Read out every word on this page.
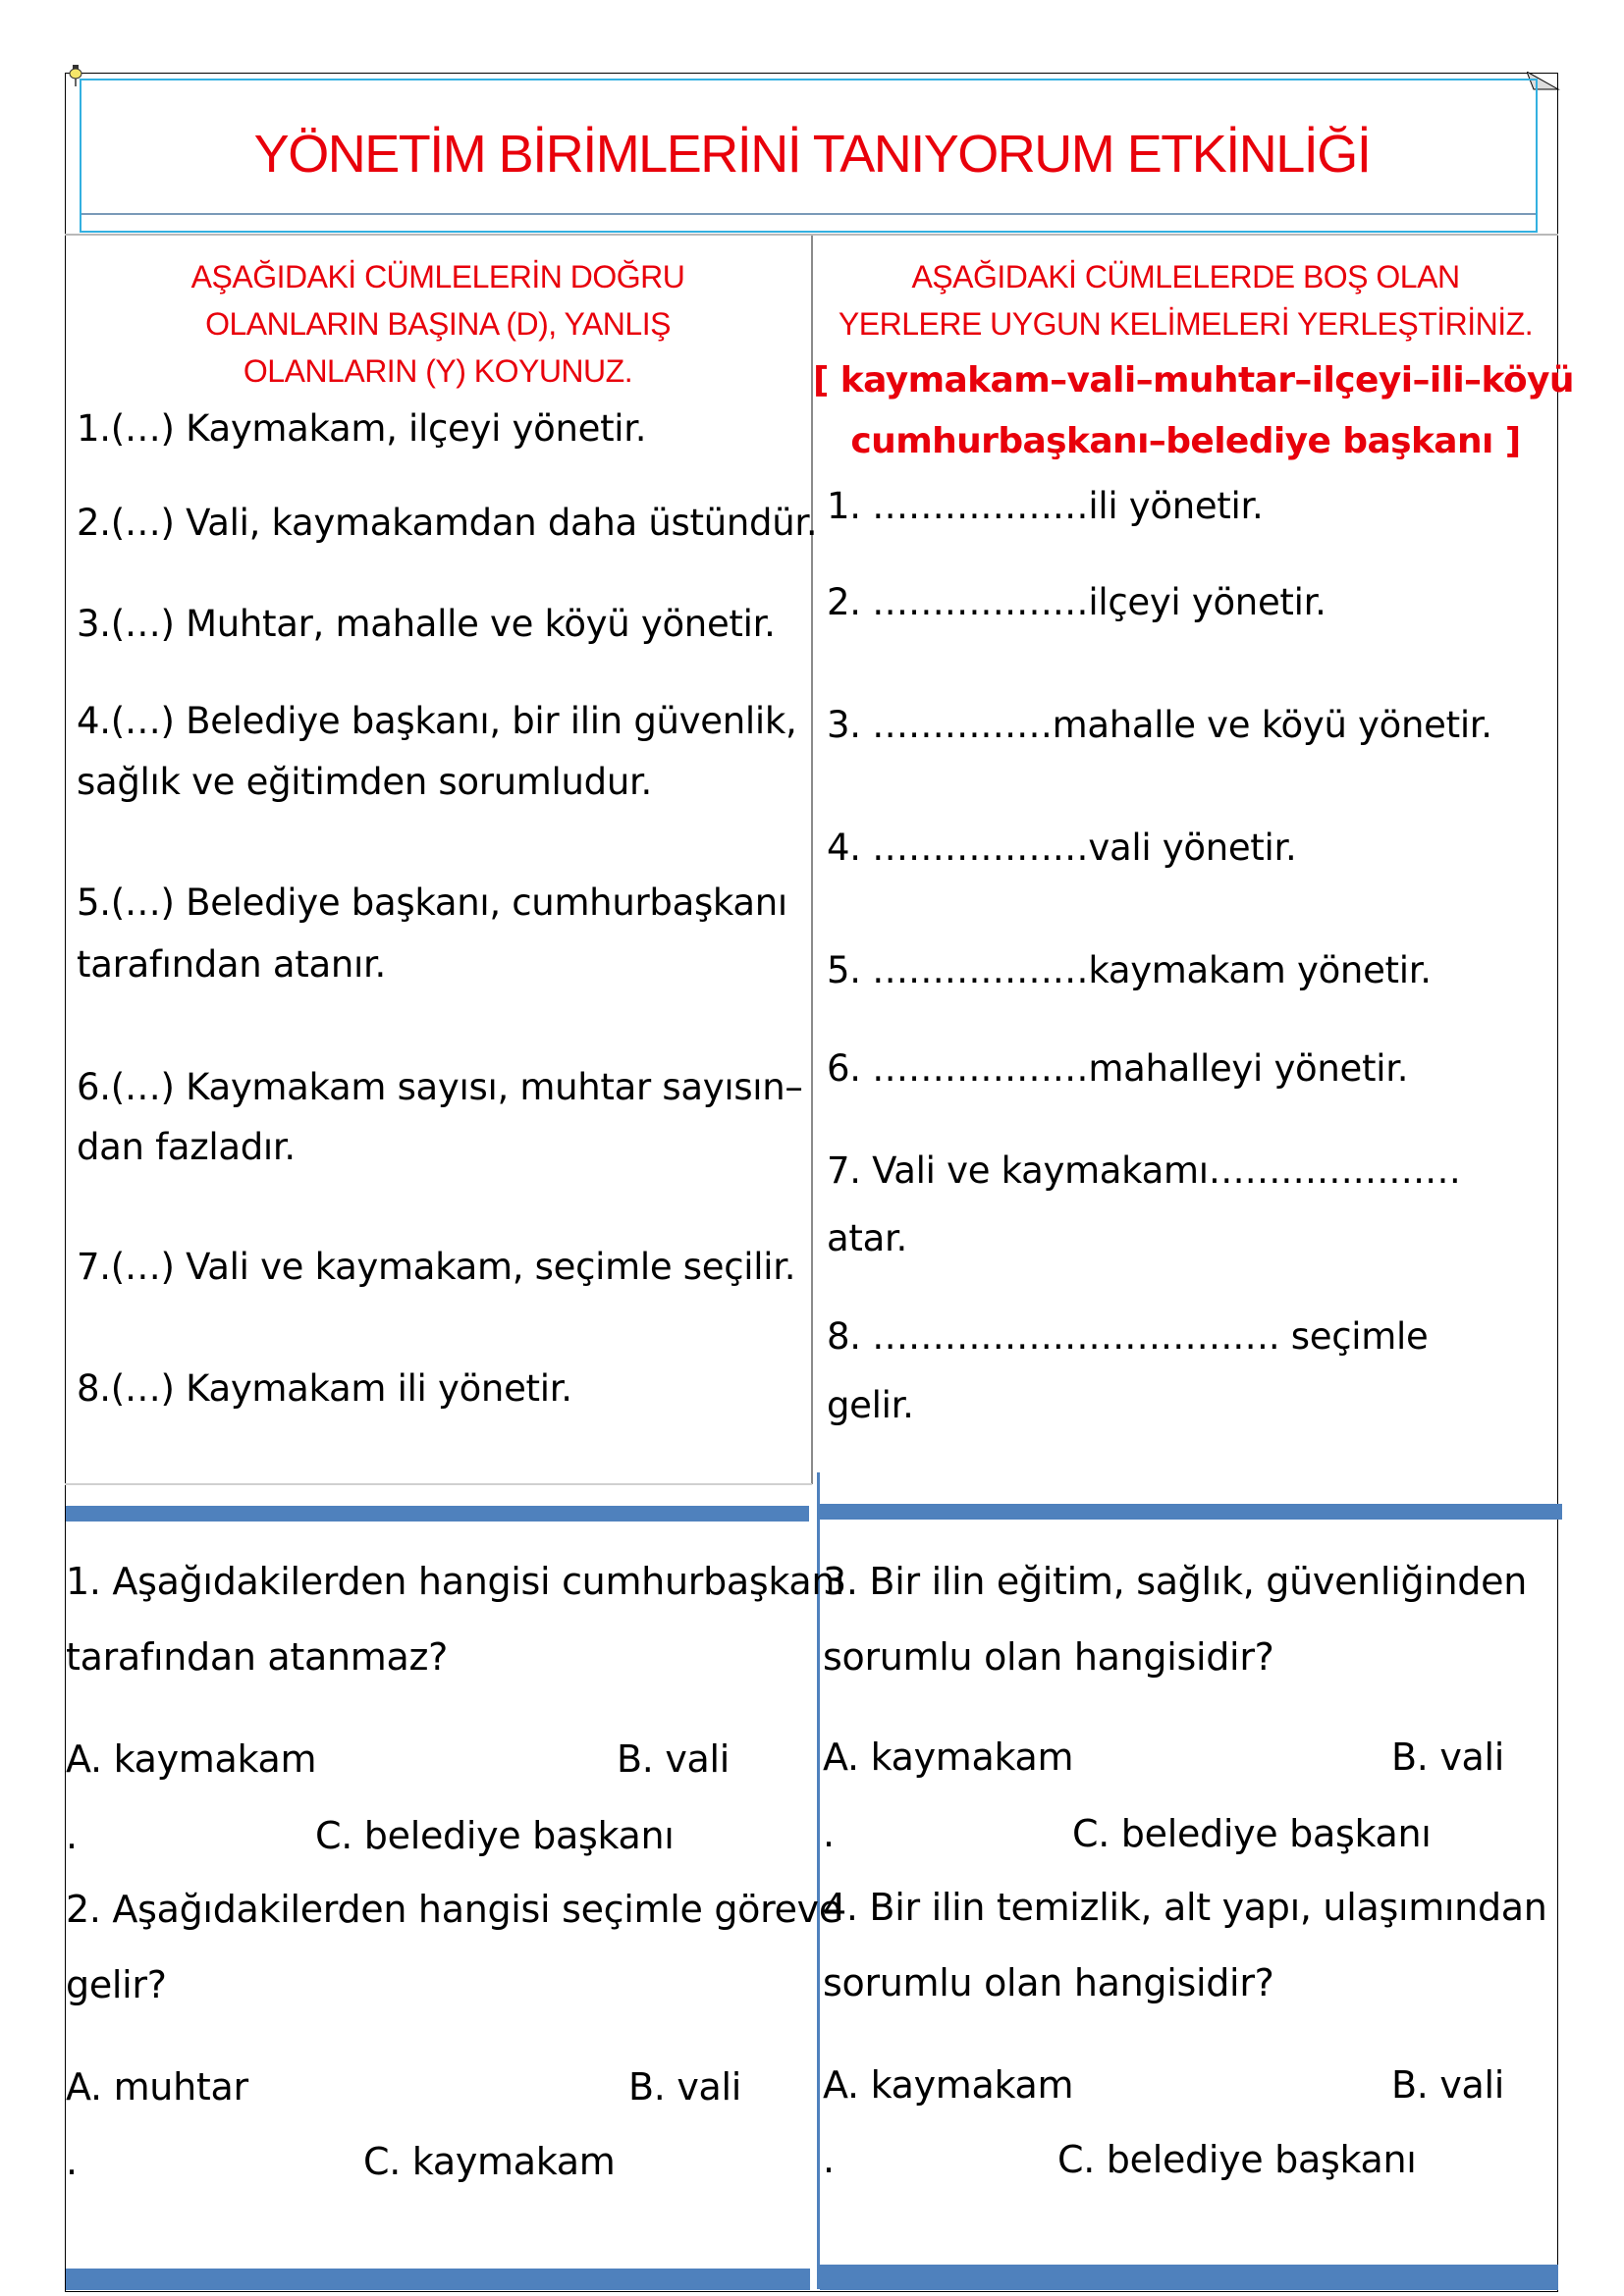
YÖNETİM BİRİMLERİNİ TANIYORUM ETKİNLİĞİ
AŞAĞIDAKİ CÜMLELERİN DOĞRU
OLANLARIN BAŞINA (D), YANLIŞ
OLANLARIN (Y) KOYUNUZ.
1.(…) Kaymakam, ilçeyi yönetir.
2.(…) Vali, kaymakamdan daha üstündür.
3.(…) Muhtar, mahalle ve köyü yönetir.
4.(…) Belediye başkanı, bir ilin güvenlik,
sağlık ve eğitimden sorumludur.
5.(…) Belediye başkanı, cumhurbaşkanı
tarafından atanır.
6.(…) Kaymakam sayısı, muhtar sayısın–
dan fazladır.
7.(…) Vali ve kaymakam, seçimle seçilir.
8.(…) Kaymakam ili yönetir.
AŞAĞIDAKİ CÜMLELERDE BOŞ OLAN
YERLERE UYGUN KELİMELERİ YERLEŞTİRİNİZ.
[ kaymakam–vali–muhtar–ilçeyi–ili–köyü
cumhurbaşkanı–belediye başkanı ]
1. ………………ili yönetir.
2. ………………ilçeyi yönetir.
3. ……………mahalle ve köyü yönetir.
4. ………………vali yönetir.
5. ………………kaymakam yönetir.
6. ………………mahalleyi yönetir.
7. Vali ve kaymakamı…………………
atar.
8. ……………………………. seçimle
gelir.
1. Aşağıdakilerden hangisi cumhurbaşkanı
tarafından atanmaz?
A. kaymakam	B. vali
.	C. belediye başkanı
2. Aşağıdakilerden hangisi seçimle göreve
gelir?
A. muhtar	B. vali
.	C. kaymakam
3. Bir ilin eğitim, sağlık, güvenliğinden
sorumlu olan hangisidir?
A. kaymakam	B. vali
.	C. belediye başkanı
4. Bir ilin temizlik, alt yapı, ulaşımından
sorumlu olan hangisidir?
A. kaymakam	B. vali
.	C. belediye başkanı
